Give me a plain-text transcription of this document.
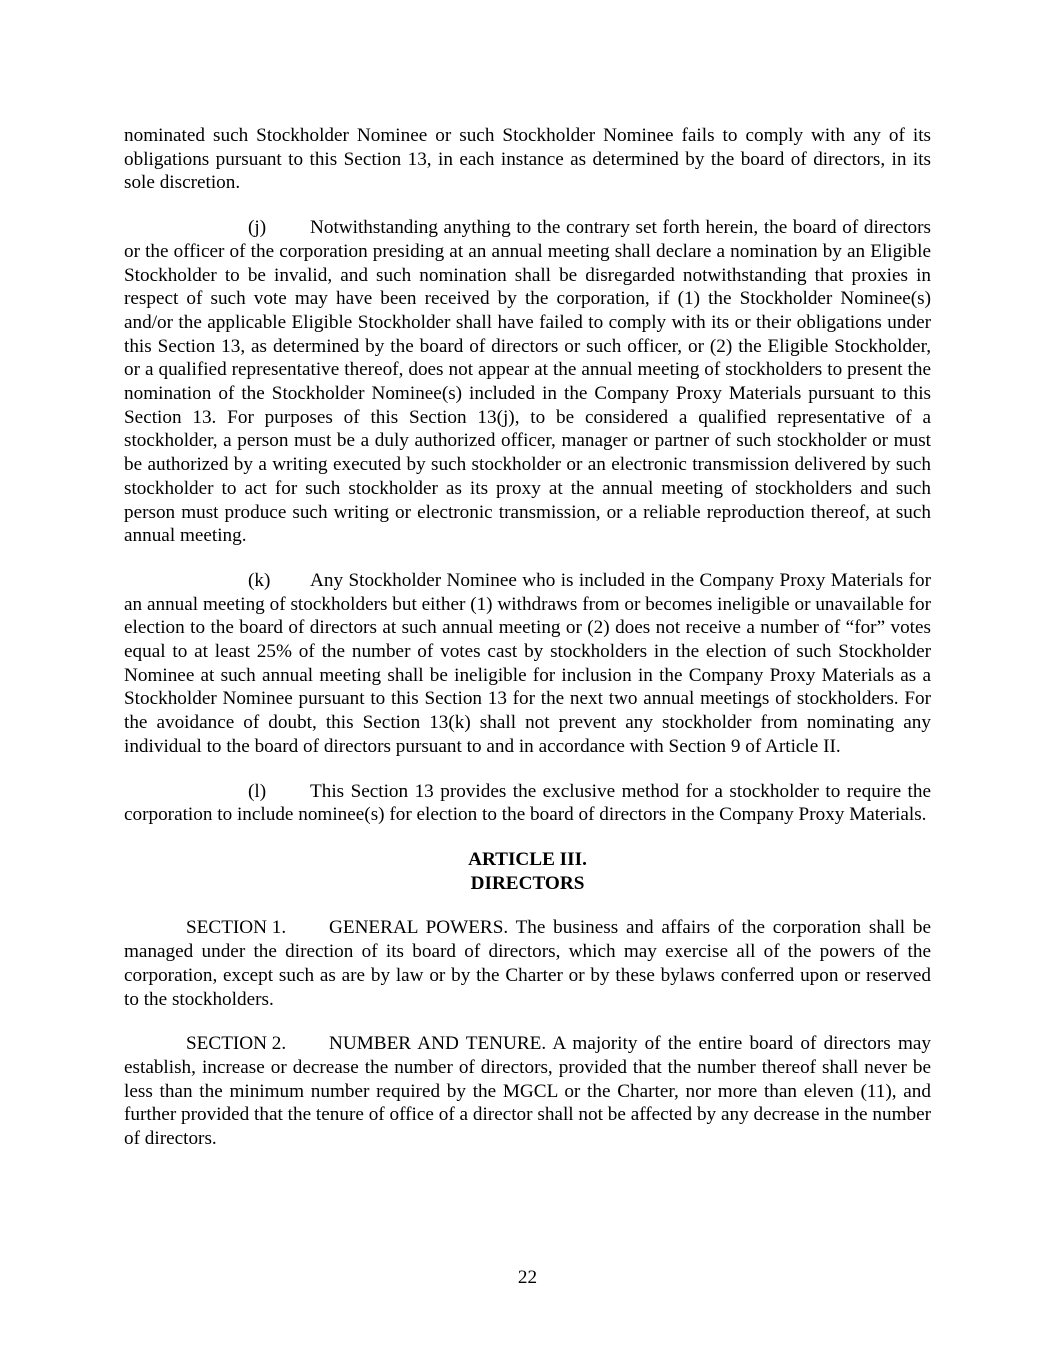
nominated such Stockholder Nominee or such Stockholder Nominee fails to comply with any of its obligations pursuant to this Section 13, in each instance as determined by the board of directors, in its sole discretion.

(j) Notwithstanding anything to the contrary set forth herein, the board of directors or the officer of the corporation presiding at an annual meeting shall declare a nomination by an Eligible Stockholder to be invalid, and such nomination shall be disregarded notwithstanding that proxies in respect of such vote may have been received by the corporation, if (1) the Stockholder Nominee(s) and/or the applicable Eligible Stockholder shall have failed to comply with its or their obligations under this Section 13, as determined by the board of directors or such officer, or (2) the Eligible Stockholder, or a qualified representative thereof, does not appear at the annual meeting of stockholders to present the nomination of the Stockholder Nominee(s) included in the Company Proxy Materials pursuant to this Section 13. For purposes of this Section 13(j), to be considered a qualified representative of a stockholder, a person must be a duly authorized officer, manager or partner of such stockholder or must be authorized by a writing executed by such stockholder or an electronic transmission delivered by such stockholder to act for such stockholder as its proxy at the annual meeting of stockholders and such person must produce such writing or electronic transmission, or a reliable reproduction thereof, at such annual meeting.

(k) Any Stockholder Nominee who is included in the Company Proxy Materials for an annual meeting of stockholders but either (1) withdraws from or becomes ineligible or unavailable for election to the board of directors at such annual meeting or (2) does not receive a number of “for” votes equal to at least 25% of the number of votes cast by stockholders in the election of such Stockholder Nominee at such annual meeting shall be ineligible for inclusion in the Company Proxy Materials as a Stockholder Nominee pursuant to this Section 13 for the next two annual meetings of stockholders. For the avoidance of doubt, this Section 13(k) shall not prevent any stockholder from nominating any individual to the board of directors pursuant to and in accordance with Section 9 of Article II.

(l) This Section 13 provides the exclusive method for a stockholder to require the corporation to include nominee(s) for election to the board of directors in the Company Proxy Materials.

ARTICLE III.
DIRECTORS

SECTION 1. GENERAL POWERS. The business and affairs of the corporation shall be managed under the direction of its board of directors, which may exercise all of the powers of the corporation, except such as are by law or by the Charter or by these bylaws conferred upon or reserved to the stockholders.

SECTION 2. NUMBER AND TENURE. A majority of the entire board of directors may establish, increase or decrease the number of directors, provided that the number thereof shall never be less than the minimum number required by the MGCL or the Charter, nor more than eleven (11), and further provided that the tenure of office of a director shall not be affected by any decrease in the number of directors.

22
